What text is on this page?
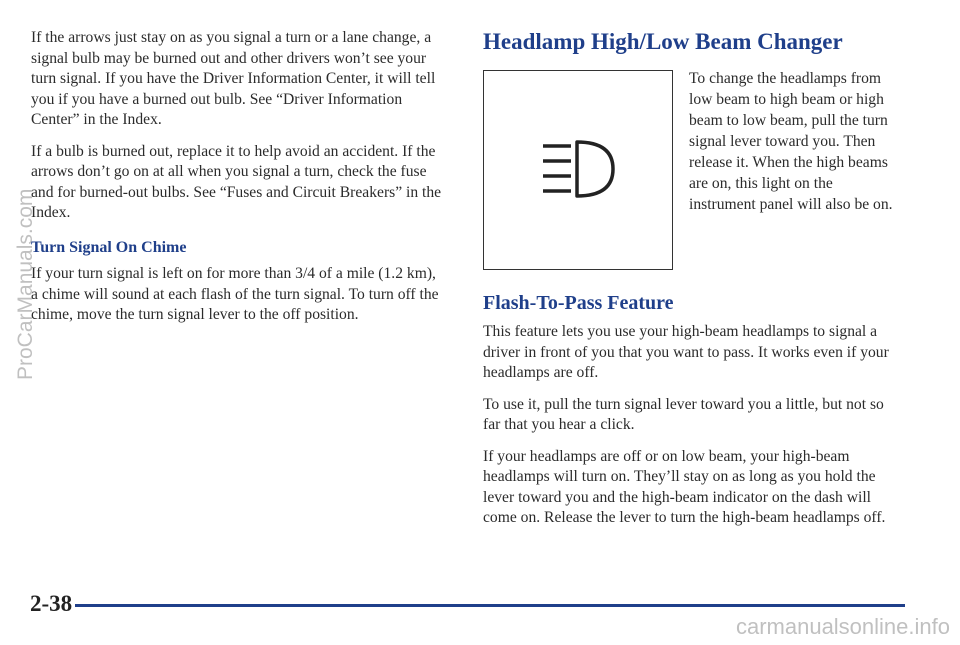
If the arrows just stay on as you signal a turn or a lane change, a signal bulb may be burned out and other drivers won’t see your turn signal. If you have the Driver Information Center, it will tell you if you have a burned out bulb. See “Driver Information Center” in the Index.

If a bulb is burned out, replace it to help avoid an accident. If the arrows don’t go on at all when you signal a turn, check the fuse and for burned-out bulbs. See “Fuses and Circuit Breakers” in the Index.

Turn Signal On Chime

If your turn signal is left on for more than 3/4 of a mile (1.2 km), a chime will sound at each flash of the turn signal. To turn off the chime, move the turn signal lever to the off position.

Headlamp High/Low Beam Changer
To change the headlamps from low beam to high beam or high beam to low beam, pull the turn signal lever toward you. Then release it. When the high beams are on, this light on the instrument panel will also be on.
Flash-To-Pass Feature

This feature lets you use your high-beam headlamps to signal a driver in front of you that you want to pass. It works even if your headlamps are off.

To use it, pull the turn signal lever toward you a little, but not so far that you hear a click.

If your headlamps are off or on low beam, your high-beam headlamps will turn on. They’ll stay on as long as you hold the lever toward you and the high-beam indicator on the dash will come on. Release the lever to turn the high-beam headlamps off.

2-38
ProCarManuals.com
carmanualsonline.info
